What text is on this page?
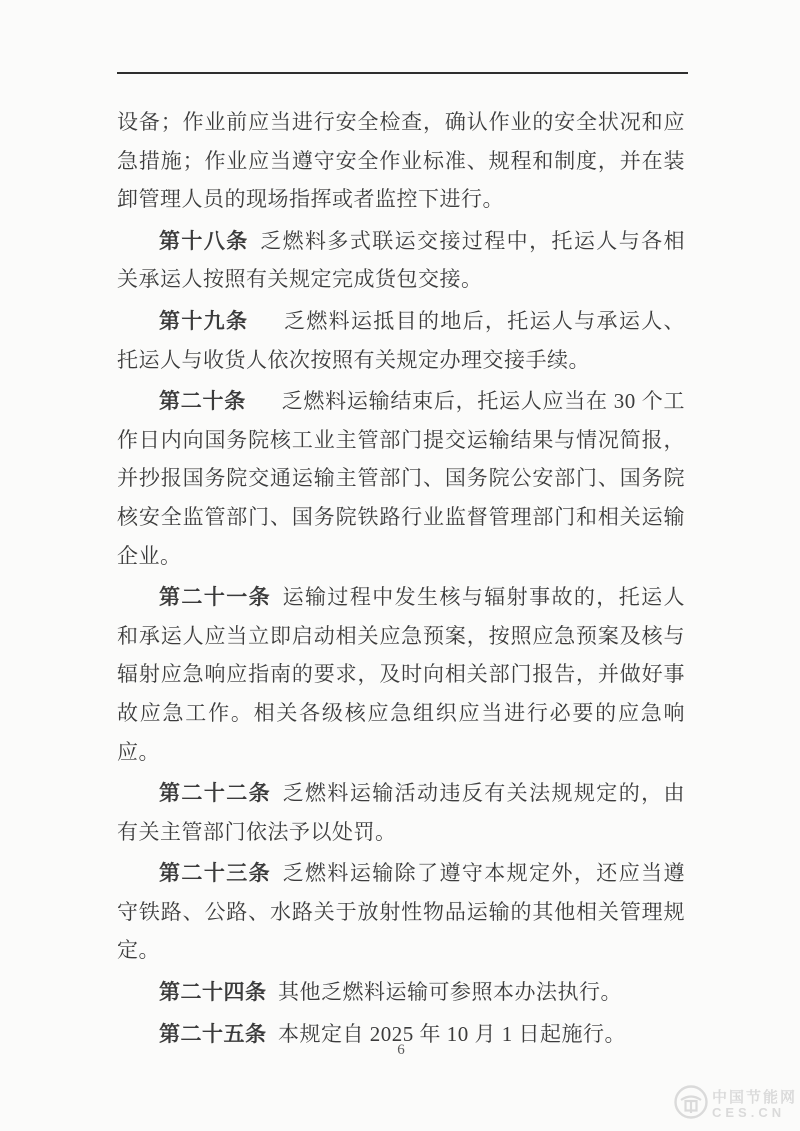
设备；作业前应当进行安全检查，确认作业的安全状况和应急措施；作业应当遵守安全作业标准、规程和制度，并在装卸管理人员的现场指挥或者监控下进行。

第十八条 乏燃料多式联运交接过程中，托运人与各相关承运人按照有关规定完成货包交接。

第十九条 乏燃料运抵目的地后，托运人与承运人、托运人与收货人依次按照有关规定办理交接手续。

第二十条 乏燃料运输结束后，托运人应当在 30 个工作日内向国务院核工业主管部门提交运输结果与情况简报，并抄报国务院交通运输主管部门、国务院公安部门、国务院核安全监管部门、国务院铁路行业监督管理部门和相关运输企业。

第二十一条 运输过程中发生核与辐射事故的，托运人和承运人应当立即启动相关应急预案，按照应急预案及核与辐射应急响应指南的要求，及时向相关部门报告，并做好事故应急工作。相关各级核应急组织应当进行必要的应急响应。

第二十二条 乏燃料运输活动违反有关法规规定的，由有关主管部门依法予以处罚。

第二十三条 乏燃料运输除了遵守本规定外，还应当遵守铁路、公路、水路关于放射性物品运输的其他相关管理规定。

第二十四条 其他乏燃料运输可参照本办法执行。

第二十五条 本规定自 2025 年 10 月 1 日起施行。

6
中国节能网
CES.CN
